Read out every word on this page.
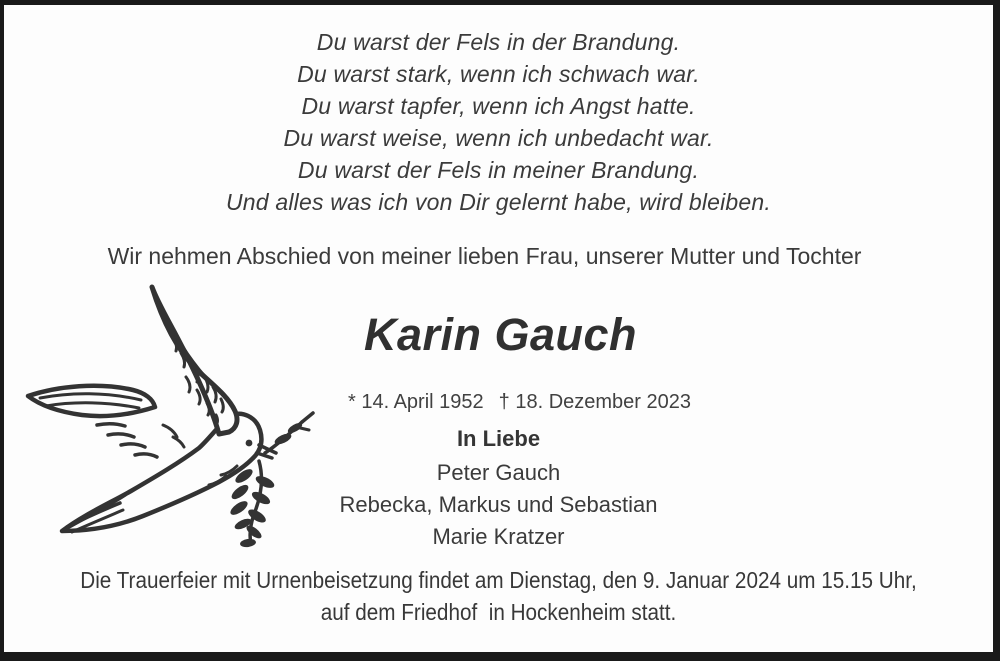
Du warst der Fels in der Brandung.
Du warst stark, wenn ich schwach war.
Du warst tapfer, wenn ich Angst hatte.
Du warst weise, wenn ich unbedacht war.
Du warst der Fels in meiner Brandung.
Und alles was ich von Dir gelernt habe, wird bleiben.
Wir nehmen Abschied von meiner lieben Frau, unserer Mutter und Tochter
Karin Gauch
* 14. April 1952 † 18. Dezember 2023
In Liebe
Peter Gauch
Rebecka, Markus und Sebastian
Marie Kratzer
Die Trauerfeier mit Urnenbeisetzung findet am Dienstag, den 9. Januar 2024 um 15.15 Uhr,
auf dem Friedhof  in Hockenheim statt.
